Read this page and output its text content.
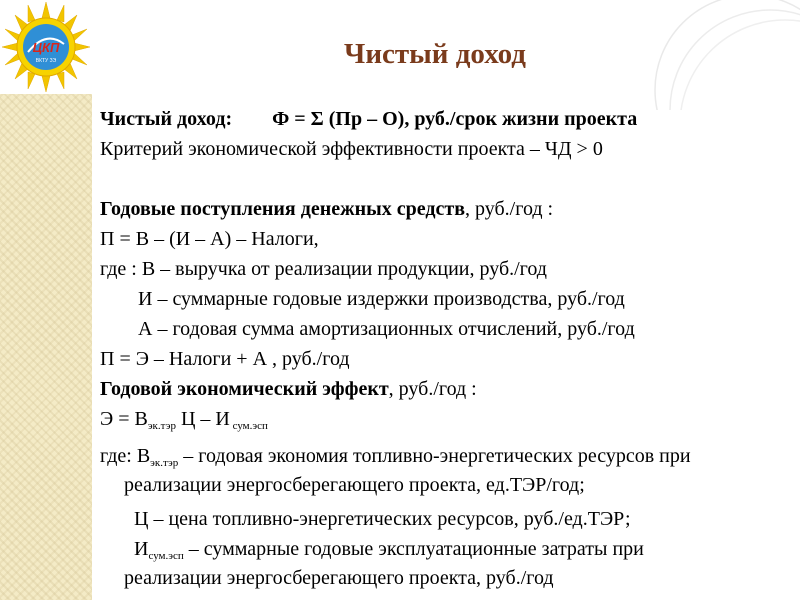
ЦКП
ВКТУ ЗЭ	Чистый доход
Чистый доход: Ф = Σ (Пр – О), руб./срок жизни проекта
Критерий экономической эффективности проекта – ЧД > 0
Годовые поступления денежных средств, руб./год :
П = В – (И – А) – Налоги,
где : В – выручка от реализации продукции, руб./год
И – суммарные годовые издержки производства, руб./год
А – годовая сумма амортизационных отчислений, руб./год
П = Э – Налоги + А , руб./год
Годовой экономический эффект, руб./год :
$Э = В_{эк.тэр}$ Ц – И $_{сум.эсп}$
где: $В_{эк.тэр}$ – годовая экономия топливно-энергетических ресурсов при
реализации энергосберегающего проекта, ед.ТЭР/год;
Ц – цена топливно-энергетических ресурсов, руб./ед.ТЭР;
$И_{сум.эсп}$ – суммарные годовые эксплуатационные затраты при
реализации энергосберегающего проекта, руб./год
